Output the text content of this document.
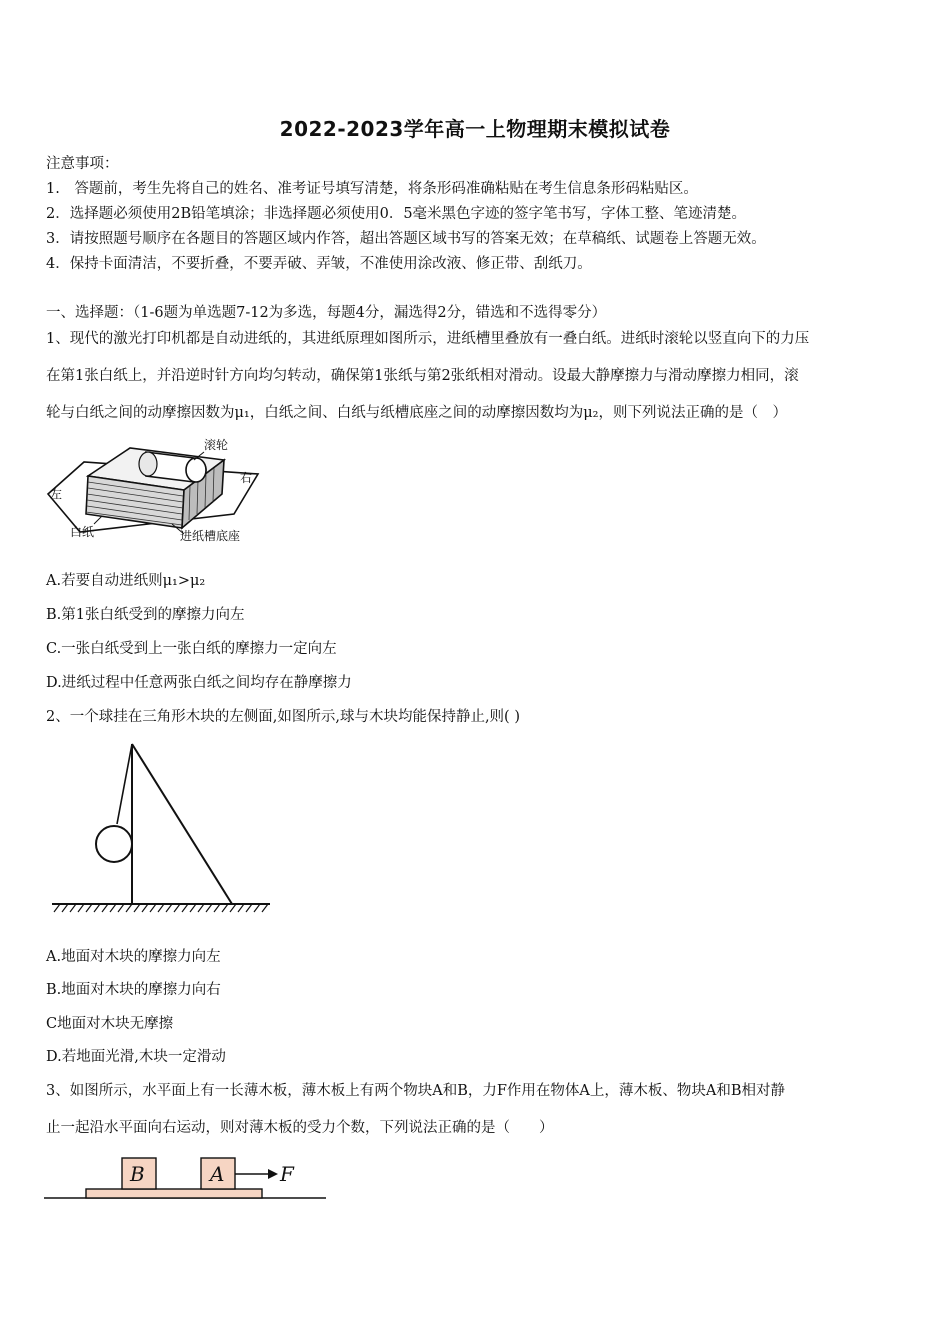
2022-2023学年高一上物理期末模拟试卷
注意事项：
1.　答题前，考生先将自己的姓名、准考证号填写清楚，将条形码准确粘贴在考生信息条形码粘贴区。
2．选择题必须使用2B铅笔填涂；非选择题必须使用0．5毫米黑色字迹的签字笔书写，字体工整、笔迹清楚。
3．请按照题号顺序在各题目的答题区域内作答，超出答题区域书写的答案无效；在草稿纸、试题卷上答题无效。
4．保持卡面清洁，不要折叠，不要弄破、弄皱，不准使用涂改液、修正带、刮纸刀。
一、选择题：（1-6题为单选题7-12为多选，每题4分，漏选得2分，错选和不选得零分）
1、现代的激光打印机都是自动进纸的，其进纸原理如图所示，进纸槽里叠放有一叠白纸。进纸时滚轮以竖直向下的力压
在第1张白纸上，并沿逆时针方向均匀转动，确保第1张纸与第2张纸相对滑动。设最大静摩擦力与滑动摩擦力相同，滚
轮与白纸之间的动摩擦因数为μ₁，白纸之间、白纸与纸槽底座之间的动摩擦因数均为μ₂，则下列说法正确的是（　）
滚轮
右
左
白纸	进纸槽底座
A.若要自动进纸则μ₁>μ₂
B.第1张白纸受到的摩擦力向左
C.一张白纸受到上一张白纸的摩擦力一定向左
D.进纸过程中任意两张白纸之间均存在静摩擦力
2、一个球挂在三角形木块的左侧面,如图所示,球与木块均能保持静止,则( )
A.地面对木块的摩擦力向左
B.地面对木块的摩擦力向右
C地面对木块无摩擦
D.若地面光滑,木块一定滑动
3、如图所示，水平面上有一长薄木板，薄木板上有两个物块A和B，力F作用在物体A上，薄木板、物块A和B相对静
止一起沿水平面向右运动，则对薄木板的受力个数，下列说法正确的是（　　）
B	A	F
